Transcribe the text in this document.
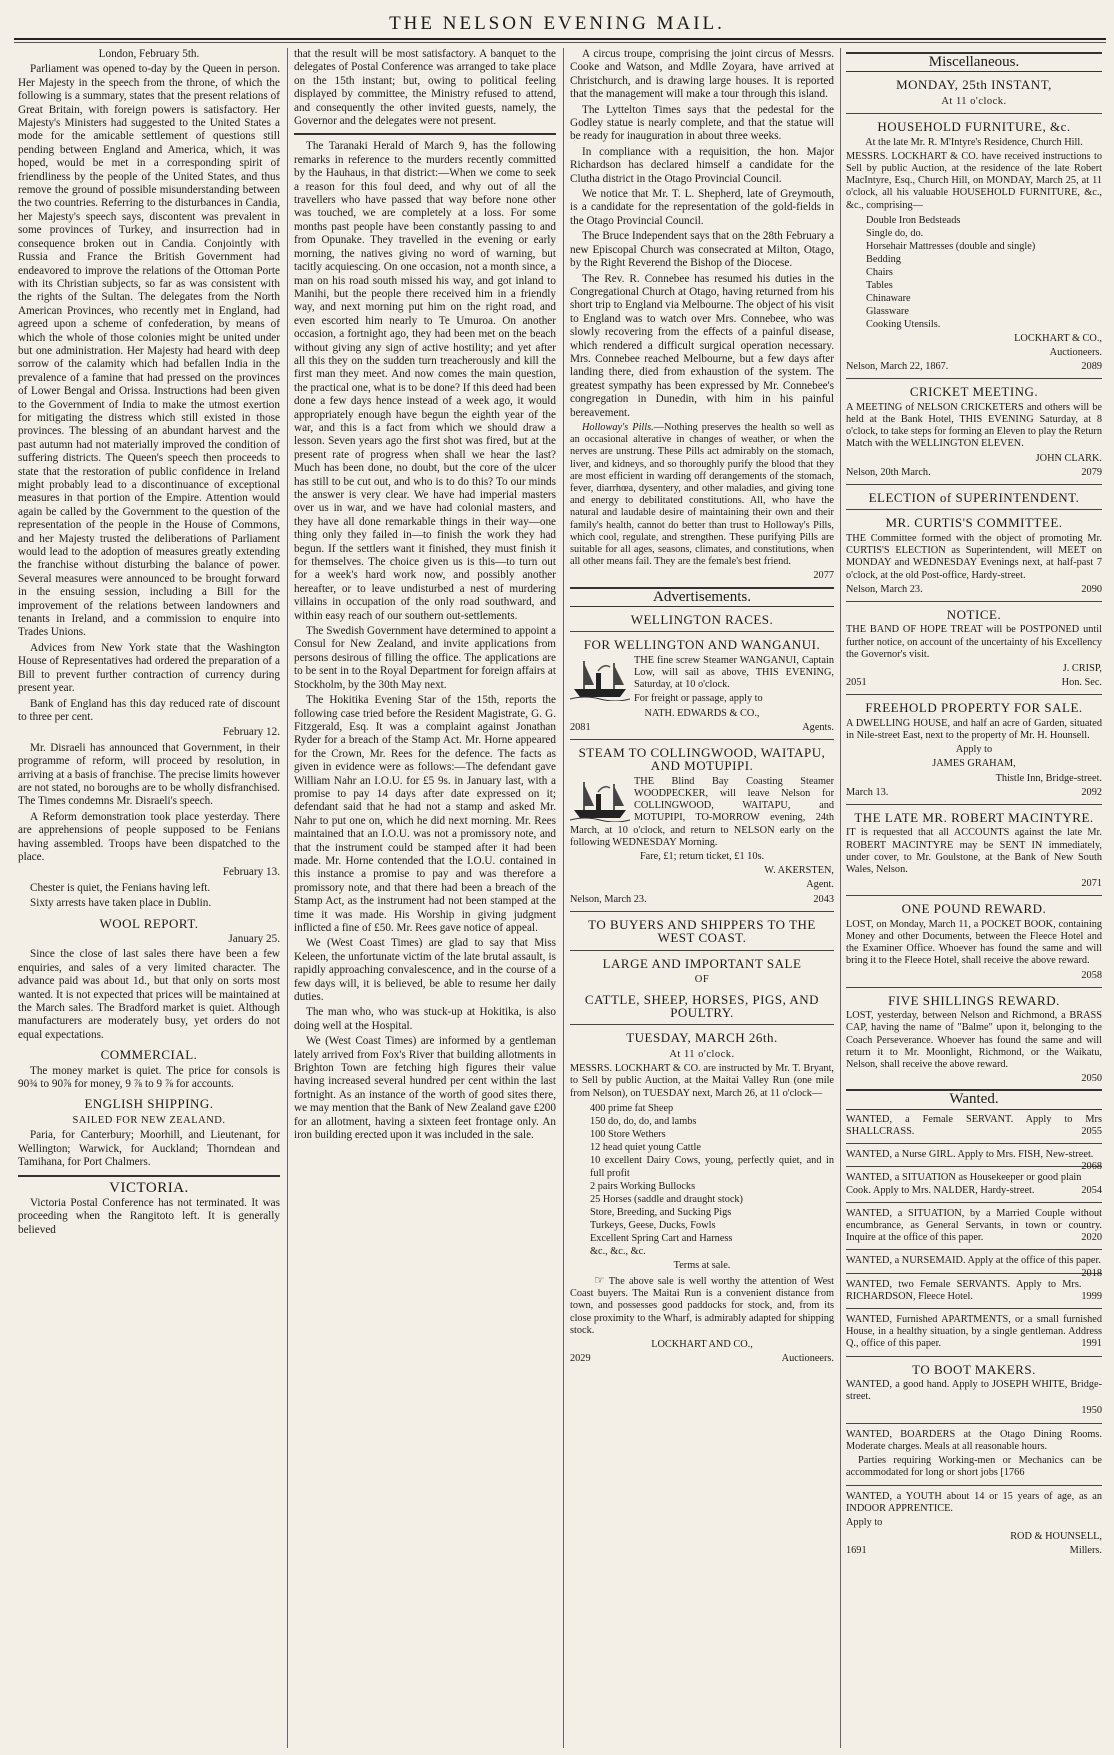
THE NELSON EVENING MAIL.

London, February 5th.

Parliament was opened to-day by the Queen in person. Her Majesty in the speech from the throne, of which the following is a summary, states that the present relations of Great Britain, with foreign powers is satisfactory. Her Majesty's Ministers had suggested to the United States a mode for the amicable settlement of questions still pending between England and America, which, it was hoped, would be met in a corresponding spirit of friendliness by the people of the United States, and thus remove the ground of possible misunderstanding between the two countries. Referring to the disturbances in Candia, her Majesty's speech says, discontent was prevalent in some provinces of Turkey, and insurrection had in consequence broken out in Candia. Conjointly with Russia and France the British Government had endeavored to improve the relations of the Ottoman Porte with its Christian subjects, so far as was consistent with the rights of the Sultan. The delegates from the North American Provinces, who recently met in England, had agreed upon a scheme of confederation, by means of which the whole of those colonies might be united under but one administration. Her Majesty had heard with deep sorrow of the calamity which had befallen India in the prevalence of a famine that had pressed on the provinces of Lower Bengal and Orissa. Instructions had been given to the Government of India to make the utmost exertion for mitigating the distress which still existed in those provinces. The blessing of an abundant harvest and the past autumn had not materially improved the condition of suffering districts. The Queen's speech then proceeds to state that the restoration of public confidence in Ireland might probably lead to a discontinuance of exceptional measures in that portion of the Empire. Attention would again be called by the Government to the question of the representation of the people in the House of Commons, and her Majesty trusted the deliberations of Parliament would lead to the adoption of measures greatly extending the franchise without disturbing the balance of power. Several measures were announced to be brought forward in the ensuing session, including a Bill for the improvement of the relations between landowners and tenants in Ireland, and a commission to enquire into Trades Unions.

Advices from New York state that the Washington House of Representatives had ordered the preparation of a Bill to prevent further contraction of currency during present year.

Bank of England has this day reduced rate of discount to three per cent.

February 12.

Mr. Disraeli has announced that Government, in their programme of reform, will proceed by resolution, in arriving at a basis of franchise. The precise limits however are not stated, no boroughs are to be wholly disfranchised. The Times condemns Mr. Disraeli's speech.

A Reform demonstration took place yesterday. There are apprehensions of people supposed to be Fenians having assembled. Troops have been dispatched to the place.

February 13.

Chester is quiet, the Fenians having left.

Sixty arrests have taken place in Dublin.

WOOL REPORT.

January 25.

Since the close of last sales there have been a few enquiries, and sales of a very limited character. The advance paid was about 1d., but that only on sorts most wanted. It is not expected that prices will be maintained at the March sales. The Bradford market is quiet. Although manufacturers are moderately busy, yet orders do not equal expectations.

COMMERCIAL.

The money market is quiet. The price for consols is 90¾ to 90⅞ for money, 9 ⅞ to 9 ⅞ for accounts.

ENGLISH SHIPPING.
SAILED FOR NEW ZEALAND.

Paria, for Canterbury; Moorhill, and Lieutenant, for Wellington; Warwick, for Auckland; Thorndean and Tamihana, for Port Chalmers.

VICTORIA.

Victoria Postal Conference has not terminated. It was proceeding when the Rangitoto left. It is generally believed

that the result will be most satisfactory. A banquet to the delegates of Postal Conference was arranged to take place on the 15th instant; but, owing to political feeling displayed by committee, the Ministry refused to attend, and consequently the other invited guests, namely, the Governor and the delegates were not present.

The Taranaki Herald of March 9, has the following remarks in reference to the murders recently committed by the Hauhaus, in that district:—When we come to seek a reason for this foul deed, and why out of all the travellers who have passed that way before none other was touched, we are completely at a loss. For some months past people have been constantly passing to and from Opunake. They travelled in the evening or early morning, the natives giving no word of warning, but tacitly acquiescing. On one occasion, not a month since, a man on his road south missed his way, and got inland to Manihi, but the people there received him in a friendly way, and next morning put him on the right road, and even escorted him nearly to Te Umuroa. On another occasion, a fortnight ago, they had been met on the beach without giving any sign of active hostility; and yet after all this they on the sudden turn treacherously and kill the first man they meet. And now comes the main question, the practical one, what is to be done? If this deed had been done a few days hence instead of a week ago, it would appropriately enough have begun the eighth year of the war, and this is a fact from which we should draw a lesson. Seven years ago the first shot was fired, but at the present rate of progress when shall we hear the last? Much has been done, no doubt, but the core of the ulcer has still to be cut out, and who is to do this? To our minds the answer is very clear. We have had imperial masters over us in war, and we have had colonial masters, and they have all done remarkable things in their way—one thing only they failed in—to finish the work they had begun. If the settlers want it finished, they must finish it for themselves. The choice given us is this—to turn out for a week's hard work now, and possibly another hereafter, or to leave undisturbed a nest of murdering villains in occupation of the only road southward, and within easy reach of our southern out-settlements.

The Swedish Government have determined to appoint a Consul for New Zealand, and invite applications from persons desirous of filling the office. The applications are to be sent in to the Royal Department for foreign affairs at Stockholm, by the 30th May next.

The Hokitika Evening Star of the 15th, reports the following case tried before the Resident Magistrate, G. G. Fitzgerald, Esq. It was a complaint against Jonathan Ryder for a breach of the Stamp Act. Mr. Horne appeared for the Crown, Mr. Rees for the defence. The facts as given in evidence were as follows:—The defendant gave William Nahr an I.O.U. for £5 9s. in January last, with a promise to pay 14 days after date expressed on it; defendant said that he had not a stamp and asked Mr. Nahr to put one on, which he did next morning. Mr. Rees maintained that an I.O.U. was not a promissory note, and that the instrument could be stamped after it had been made. Mr. Horne contended that the I.O.U. contained in this instance a promise to pay and was therefore a promissory note, and that there had been a breach of the Stamp Act, as the instrument had not been stamped at the time it was made. His Worship in giving judgment inflicted a fine of £50. Mr. Rees gave notice of appeal.

We (West Coast Times) are glad to say that Miss Keleen, the unfortunate victim of the late brutal assault, is rapidly approaching convalescence, and in the course of a few days will, it is believed, be able to resume her daily duties.

The man who, who was stuck-up at Hokitika, is also doing well at the Hospital.

We (West Coast Times) are informed by a gentleman lately arrived from Fox's River that building allotments in Brighton Town are fetching high figures their value having increased several hundred per cent within the last fortnight. As an instance of the worth of good sites there, we may mention that the Bank of New Zealand gave £200 for an allotment, having a sixteen feet frontage only. An iron building erected upon it was included in the sale.

A circus troupe, comprising the joint circus of Messrs. Cooke and Watson, and Mdlle Zoyara, have arrived at Christchurch, and is drawing large houses. It is reported that the management will make a tour through this island.

The Lyttelton Times says that the pedestal for the Godley statue is nearly complete, and that the statue will be ready for inauguration in about three weeks.

In compliance with a requisition, the hon. Major Richardson has declared himself a candidate for the Clutha district in the Otago Provincial Council.

We notice that Mr. T. L. Shepherd, late of Greymouth, is a candidate for the representation of the gold-fields in the Otago Provincial Council.

The Bruce Independent says that on the 28th February a new Episcopal Church was consecrated at Milton, Otago, by the Right Reverend the Bishop of the Diocese.

The Rev. R. Connebee has resumed his duties in the Congregational Church at Otago, having returned from his short trip to England via Melbourne. The object of his visit to England was to watch over Mrs. Connebee, who was slowly recovering from the effects of a painful disease, which rendered a difficult surgical operation necessary. Mrs. Connebee reached Melbourne, but a few days after landing there, died from exhaustion of the system. The greatest sympathy has been expressed by Mr. Connebee's congregation in Dunedin, with him in his painful bereavement.

Holloway's Pills.—Nothing preserves the health so well as an occasional alterative in changes of weather, or when the nerves are unstrung. These Pills act admirably on the stomach, liver, and kidneys, and so thoroughly purify the blood that they are most efficient in warding off derangements of the stomach, fever, diarrhœa, dysentery, and other maladies, and giving tone and energy to debilitated constitutions. All, who have the natural and laudable desire of maintaining their own and their family's health, cannot do better than trust to Holloway's Pills, which cool, regulate, and strengthen. These purifying Pills are suitable for all ages, seasons, climates, and constitutions, when all other means fail. They are the female's best friend.

2077

Advertisements.
WELLINGTON RACES.
FOR WELLINGTON AND WANGANUI.

THE fine screw Steamer WANGANUI, Captain Low, will sail as above, THIS EVENING, Saturday, at 10 o'clock.

For freight or passage, apply to

NATH. EDWARDS & CO.,

2081	Agents.
STEAM TO COLLINGWOOD, WAITAPU, AND MOTUPIPI.

THE Blind Bay Coasting Steamer WOODPECKER, will leave Nelson for COLLINGWOOD, WAITAPU, and MOTUPIPI, TO-MORROW evening, 24th March, at 10 o'clock, and return to NELSON early on the following WEDNESDAY Morning.

Fare, £1; return ticket, £1 10s.

W. AKERSTEN,

Agent.

Nelson, March 23.	2043
TO BUYERS AND SHIPPERS TO THE WEST COAST.
LARGE AND IMPORTANT SALE
OF
CATTLE, SHEEP, HORSES, PIGS, AND POULTRY.
TUESDAY, MARCH 26th.
At 11 o'clock.

MESSRS. LOCKHART & CO. are instructed by Mr. T. Bryant, to Sell by public Auction, at the Maitai Valley Run (one mile from Nelson), on TUESDAY next, March 26, at 11 o'clock—

400 prime fat Sheep
150 do, do, do, and lambs
100 Store Wethers
12 head quiet young Cattle
10 excellent Dairy Cows, young, perfectly quiet, and in full profit
2 pairs Working Bullocks
25 Horses (saddle and draught stock)
Store, Breeding, and Sucking Pigs
Turkeys, Geese, Ducks, Fowls
Excellent Spring Cart and Harness
&c., &c., &c.

Terms at sale.

☞ The above sale is well worthy the attention of West Coast buyers. The Maitai Run is a convenient distance from town, and possesses good paddocks for stock, and, from its close proximity to the Wharf, is admirably adapted for shipping stock.

LOCKHART AND CO.,

2029	Auctioneers.
Miscellaneous.
MONDAY, 25th INSTANT,
At 11 o'clock.
HOUSEHOLD FURNITURE, &c.

At the late Mr. R. M'Intyre's Residence, Church Hill.

MESSRS. LOCKHART & CO. have received instructions to Sell by public Auction, at the residence of the late Robert MacIntyre, Esq., Church Hill, on MONDAY, March 25, at 11 o'clock, all his valuable HOUSEHOLD FURNITURE, &c., &c., comprising—

Double Iron Bedsteads
Single do, do.
Horsehair Mattresses (double and single)
Bedding
Chairs
Tables
Chinaware
Glassware
Cooking Utensils.

LOCKHART & CO.,

Auctioneers.

Nelson, March 22, 1867.	2089
CRICKET MEETING.

A MEETING of NELSON CRICKETERS and others will be held at the Bank Hotel, THIS EVENING Saturday, at 8 o'clock, to take steps for forming an Eleven to play the Return Match with the WELLINGTON ELEVEN.

JOHN CLARK.

Nelson, 20th March.	2079
ELECTION of SUPERINTENDENT.
MR. CURTIS'S COMMITTEE.

THE Committee formed with the object of promoting Mr. CURTIS'S ELECTION as Superintendent, will MEET on MONDAY and WEDNESDAY Evenings next, at half-past 7 o'clock, at the old Post-office, Hardy-street.

Nelson, March 23.	2090
NOTICE.

THE BAND OF HOPE TREAT will be POSTPONED until further notice, on account of the uncertainty of his Excellency the Governor's visit.

J. CRISP,

2051	Hon. Sec.
FREEHOLD PROPERTY FOR SALE.

A DWELLING HOUSE, and half an acre of Garden, situated in Nile-street East, next to the property of Mr. H. Hounsell.

Apply to

JAMES GRAHAM,

Thistle Inn, Bridge-street.

March 13.	2092
THE LATE MR. ROBERT MACINTYRE.

IT is requested that all ACCOUNTS against the late Mr. ROBERT MACINTYRE may be SENT IN immediately, under cover, to Mr. Goulstone, at the Bank of New South Wales, Nelson.

2071

ONE POUND REWARD.

LOST, on Monday, March 11, a POCKET BOOK, containing Money and other Documents, between the Fleece Hotel and the Examiner Office. Whoever has found the same and will bring it to the Fleece Hotel, shall receive the above reward.

2058

FIVE SHILLINGS REWARD.

LOST, yesterday, between Nelson and Richmond, a BRASS CAP, having the name of "Balme" upon it, belonging to the Coach Perseverance. Whoever has found the same and will return it to Mr. Moonlight, Richmond, or the Waikatu, Nelson, shall receive the above reward.

2050

Wanted.

WANTED, a Female SERVANT. Apply to Mrs SHALLCRASS.	2055

WANTED, a Nurse GIRL. Apply to Mrs. FISH, New-street.
2068

WANTED, a SITUATION as Housekeeper or good plain Cook. Apply to Mrs. NALDER, Hardy-street.	2054

WANTED, a SITUATION, by a Married Couple without encumbrance, as General Servants, in town or country. Inquire at the office of this paper.	2020

WANTED, a NURSEMAID. Apply at the office of this paper.
2018

WANTED, two Female SERVANTS. Apply to Mrs. RICHARDSON, Fleece Hotel.	1999

WANTED, Furnished APARTMENTS, or a small furnished House, in a healthy situation, by a single gentleman. Address Q., office of this paper.	1991

TO BOOT MAKERS.

WANTED, a good hand. Apply to JOSEPH WHITE, Bridge-street.

1950

WANTED, BOARDERS at the Otago Dining Rooms. Moderate charges. Meals at all reasonable hours.

Parties requiring Working-men or Mechanics can be accommodated for long or short jobs [1766

WANTED, a YOUTH about 14 or 15 years of age, as an INDOOR APPRENTICE.

Apply to

ROD & HOUNSELL,

1691	Millers.
